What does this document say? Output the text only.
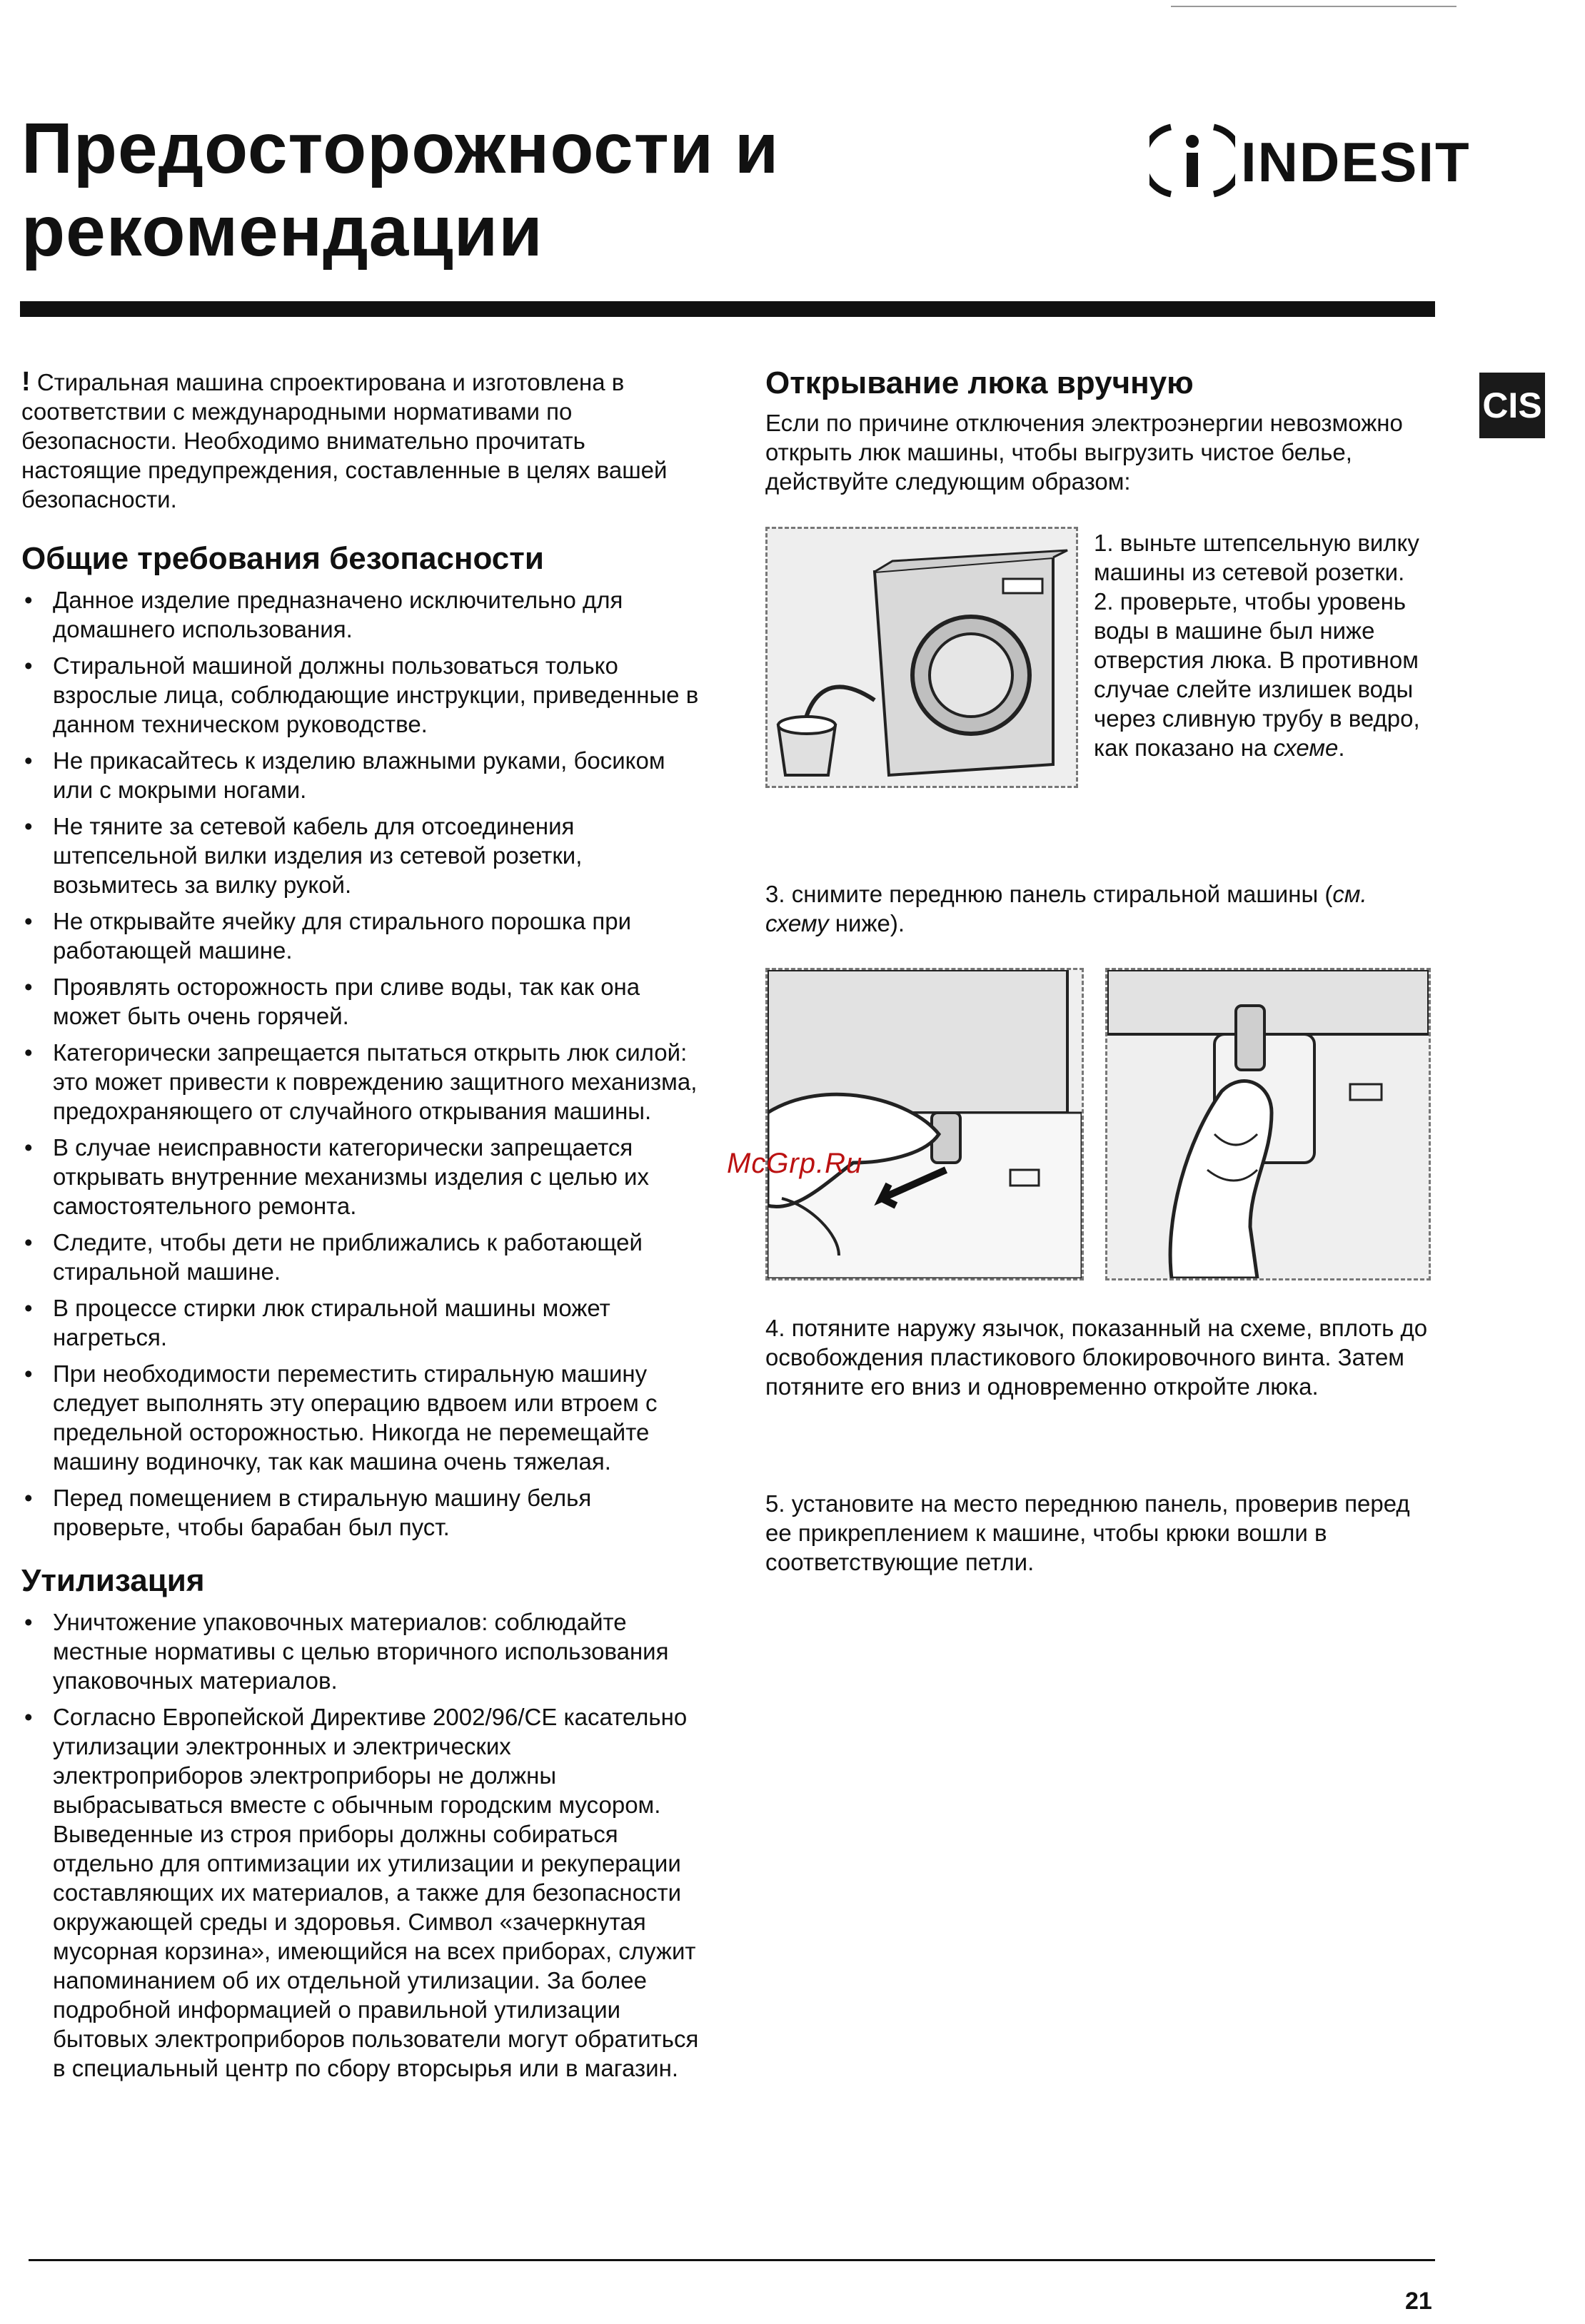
Предосторожности и
рекомендации
INDESIT
CIS

! Стиральная машина спроектирована и изготовлена в соответствии с международными нормативами по безопасности. Необходимо внимательно прочитать настоящие предупреждения, составленные в целях вашей безопасности.

Общие требования безопасности
• Данное изделие предназначено исключительно для домашнего использования.
• Стиральной машиной должны пользоваться только взрослые лица, соблюдающие инструкции, приведенные в данном техническом руководстве.
• Не прикасайтесь к изделию влажными руками, босиком или с мокрыми ногами.
• Не тяните за сетевой кабель для отсоединения штепсельной вилки изделия из сетевой розетки, возьмитесь за вилку рукой.
• Не открывайте ячейку для стирального порошка при работающей машине.
• Проявлять осторожность при сливе воды, так как она может быть очень горячей.
• Категорически запрещается пытаться открыть люк силой: это может привести к повреждению защитного механизма, предохраняющего от случайного открывания машины.
• В случае неисправности категорически запрещается открывать внутренние механизмы изделия с целью их самостоятельного ремонта.
• Следите, чтобы дети не приближались к работающей стиральной машине.
• В процессе стирки люк стиральной машины может нагреться.
• При необходимости переместить стиральную машину следует выполнять эту операцию вдвоем или втроем с предельной осторожностью. Никогда не перемещайте машину водиночку, так как машина очень тяжелая.
• Перед помещением в стиральную машину белья проверьте, чтобы барабан был пуст.
Утилизация
• Уничтожение упаковочных материалов: соблюдайте местные нормативы с целью вторичного использования упаковочных материалов.
• Согласно Европейской Директиве 2002/96/CE касательно утилизации электронных и электрических электроприборов электроприборы не должны выбрасываться вместе с обычным городским мусором. Выведенные из строя приборы должны собираться отдельно для оптимизации их утилизации и рекуперации составляющих их материалов, а также для безопасности окружающей среды и здоровья. Символ «зачеркнутая мусорная корзина», имеющийся на всех приборах, служит напоминанием об их отдельной утилизации. За более подробной информацией о правильной утилизации бытовых электроприборов пользователи могут обратиться в специальный центр по сбору вторсырья или в магазин.
Открывание люка вручную

Если по причине отключения электроэнергии невозможно открыть люк машины, чтобы выгрузить чистое белье, действуйте следующим образом:

1. выньте штепсельную вилку машины из сетевой розетки.

2. проверьте, чтобы уровень воды в машине был ниже отверстия люка. В противном случае слейте излишек воды через сливную трубу в ведро, как показано на схеме.

3. снимите переднюю панель стиральной машины (см. схему ниже).
McGrp.Ru
4. потяните наружу язычок, показанный на схеме, вплоть до освобождения пластикового блокировочного винта. Затем потяните его вниз и одновременно откройте люка.
5. установите на место переднюю панель, проверив перед ее прикреплением к машине, чтобы крюки вошли в соответствующие петли.
21
